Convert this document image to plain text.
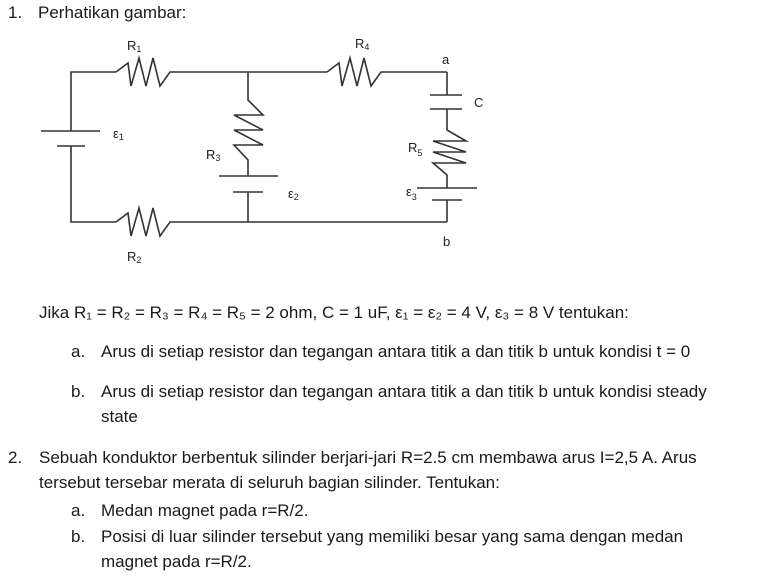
1. Perhatikan gambar:
R1
R2
R3
R4
$R_5$
C
a
b
ε1
ε2	$\varepsilon_3$
Jika R₁ = R₂ = R₃ = R₄ = R₅ = 2 ohm, C = 1 uF, ε₁ = ε₂ = 4 V, ε₃ = 8 V tentukan:
a. Arus di setiap resistor dan tegangan antara titik a dan titik b untuk kondisi t = 0
b. Arus di setiap resistor dan tegangan antara titik a dan titik b untuk kondisi steady
state
2. Sebuah konduktor berbentuk silinder berjari-jari R=2.5 cm membawa arus I=2,5 A. Arus
tersebut tersebar merata di seluruh bagian silinder. Tentukan:
a. Medan magnet pada r=R/2.
b. Posisi di luar silinder tersebut yang memiliki besar yang sama dengan medan
magnet pada r=R/2.
